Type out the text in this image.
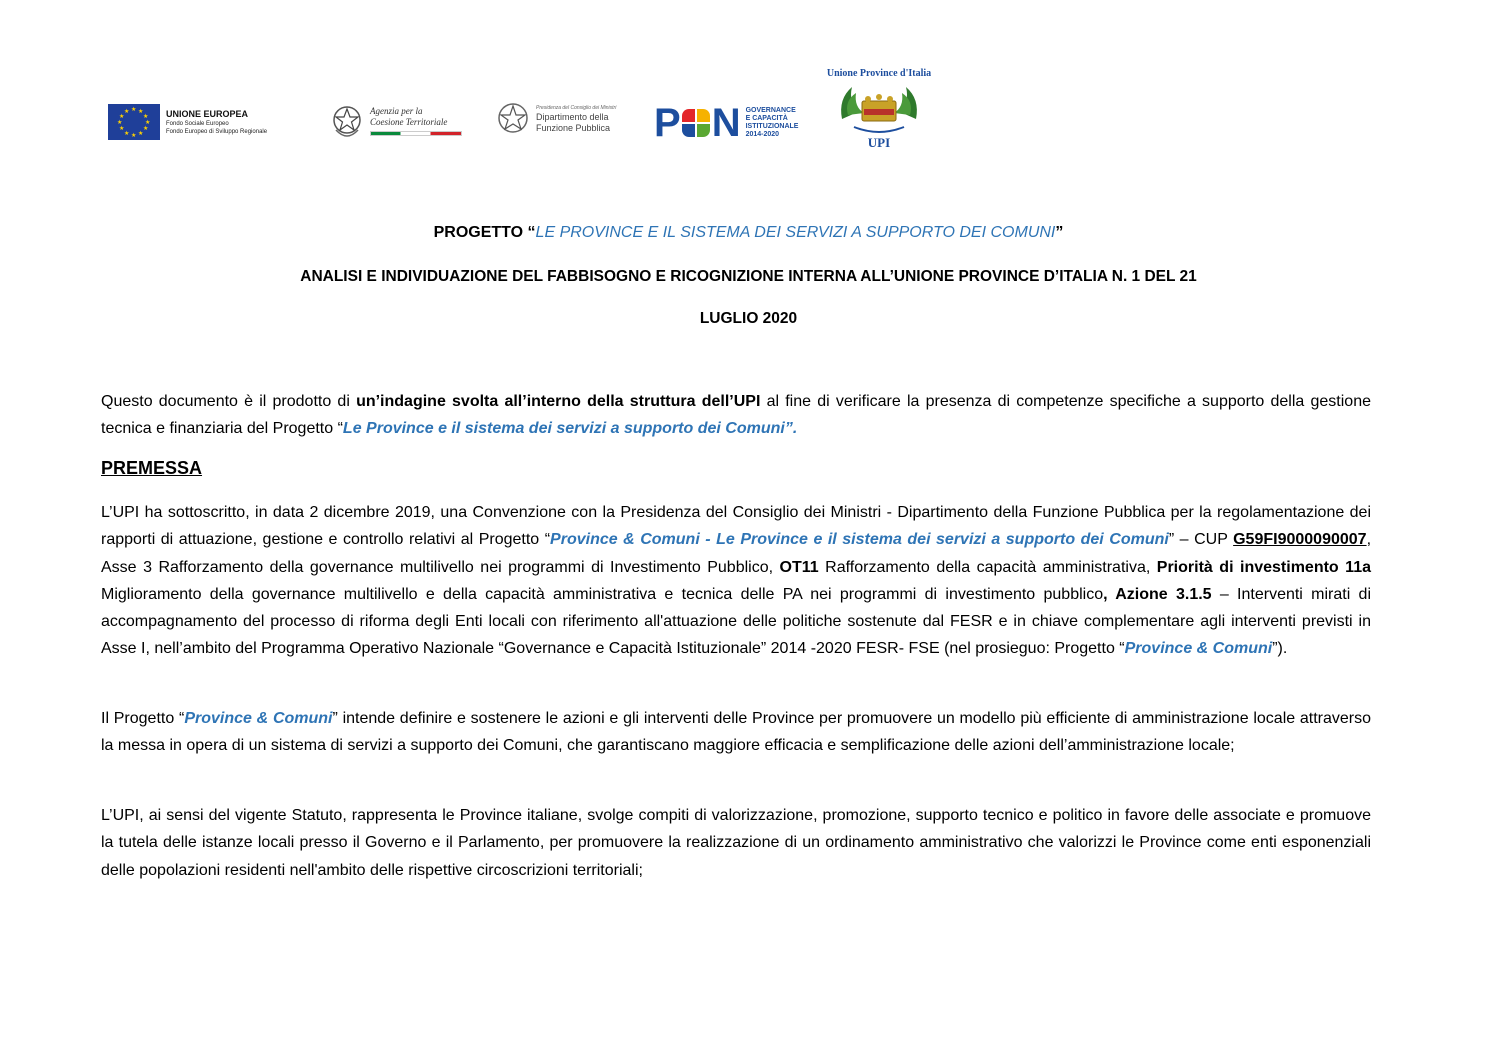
★ ★
★
★
★
★
★
★
★
★
★
★	UNIONE EUROPEA
Fondo Sociale Europeo
Fondo Europeo di Sviluppo Regionale
Agenzia per la
Coesione Territoriale
Presidenza del Consiglio dei Ministri
Dipartimento della
Funzione Pubblica P N GOVERNANCE
E CAPACITÀ
ISTITUZIONALE
2014-2020
Unione Province d'Italia
UPI
PROGETTO “LE PROVINCE E IL SISTEMA DEI SERVIZI A SUPPORTO DEI COMUNI”
ANALISI E INDIVIDUAZIONE DEL FABBISOGNO E RICOGNIZIONE INTERNA ALL’UNIONE PROVINCE D’ITALIA N. 1 DEL 21
LUGLIO 2020
Questo documento è il prodotto di un’indagine svolta all’interno della struttura dell’UPI al fine di verificare la presenza di competenze specifiche a supporto della gestione tecnica e finanziaria del Progetto “Le Province e il sistema dei servizi a supporto dei Comuni”.
PREMESSA
L’UPI ha sottoscritto, in data 2 dicembre 2019, una Convenzione con la Presidenza del Consiglio dei Ministri - Dipartimento della Funzione Pubblica per la regolamentazione dei rapporti di attuazione, gestione e controllo relativi al Progetto “Province & Comuni - Le Province e il sistema dei servizi a supporto dei Comuni” – CUP G59FI9000090007, Asse 3 Rafforzamento della governance multilivello nei programmi di Investimento Pubblico, OT11 Rafforzamento della capacità amministrativa, Priorità di investimento 11a Miglioramento della governance multilivello e della capacità amministrativa e tecnica delle PA nei programmi di investimento pubblico, Azione 3.1.5 – Interventi mirati di accompagnamento del processo di riforma degli Enti locali con riferimento all'attuazione delle politiche sostenute dal FESR e in chiave complementare agli interventi previsti in Asse I, nell’ambito del Programma Operativo Nazionale “Governance e Capacità Istituzionale” 2014 -2020 FESR- FSE (nel prosieguo: Progetto “Province & Comuni”).
Il Progetto “Province & Comuni” intende definire e sostenere le azioni e gli interventi delle Province per promuovere un modello più efficiente di amministrazione locale attraverso la messa in opera di un sistema di servizi a supporto dei Comuni, che garantiscano maggiore efficacia e semplificazione delle azioni dell’amministrazione locale;
L’UPI, ai sensi del vigente Statuto, rappresenta le Province italiane, svolge compiti di valorizzazione, promozione, supporto tecnico e politico in favore delle associate e promuove la tutela delle istanze locali presso il Governo e il Parlamento, per promuovere la realizzazione di un ordinamento amministrativo che valorizzi le Province come enti esponenziali delle popolazioni residenti nell'ambito delle rispettive circoscrizioni territoriali;
